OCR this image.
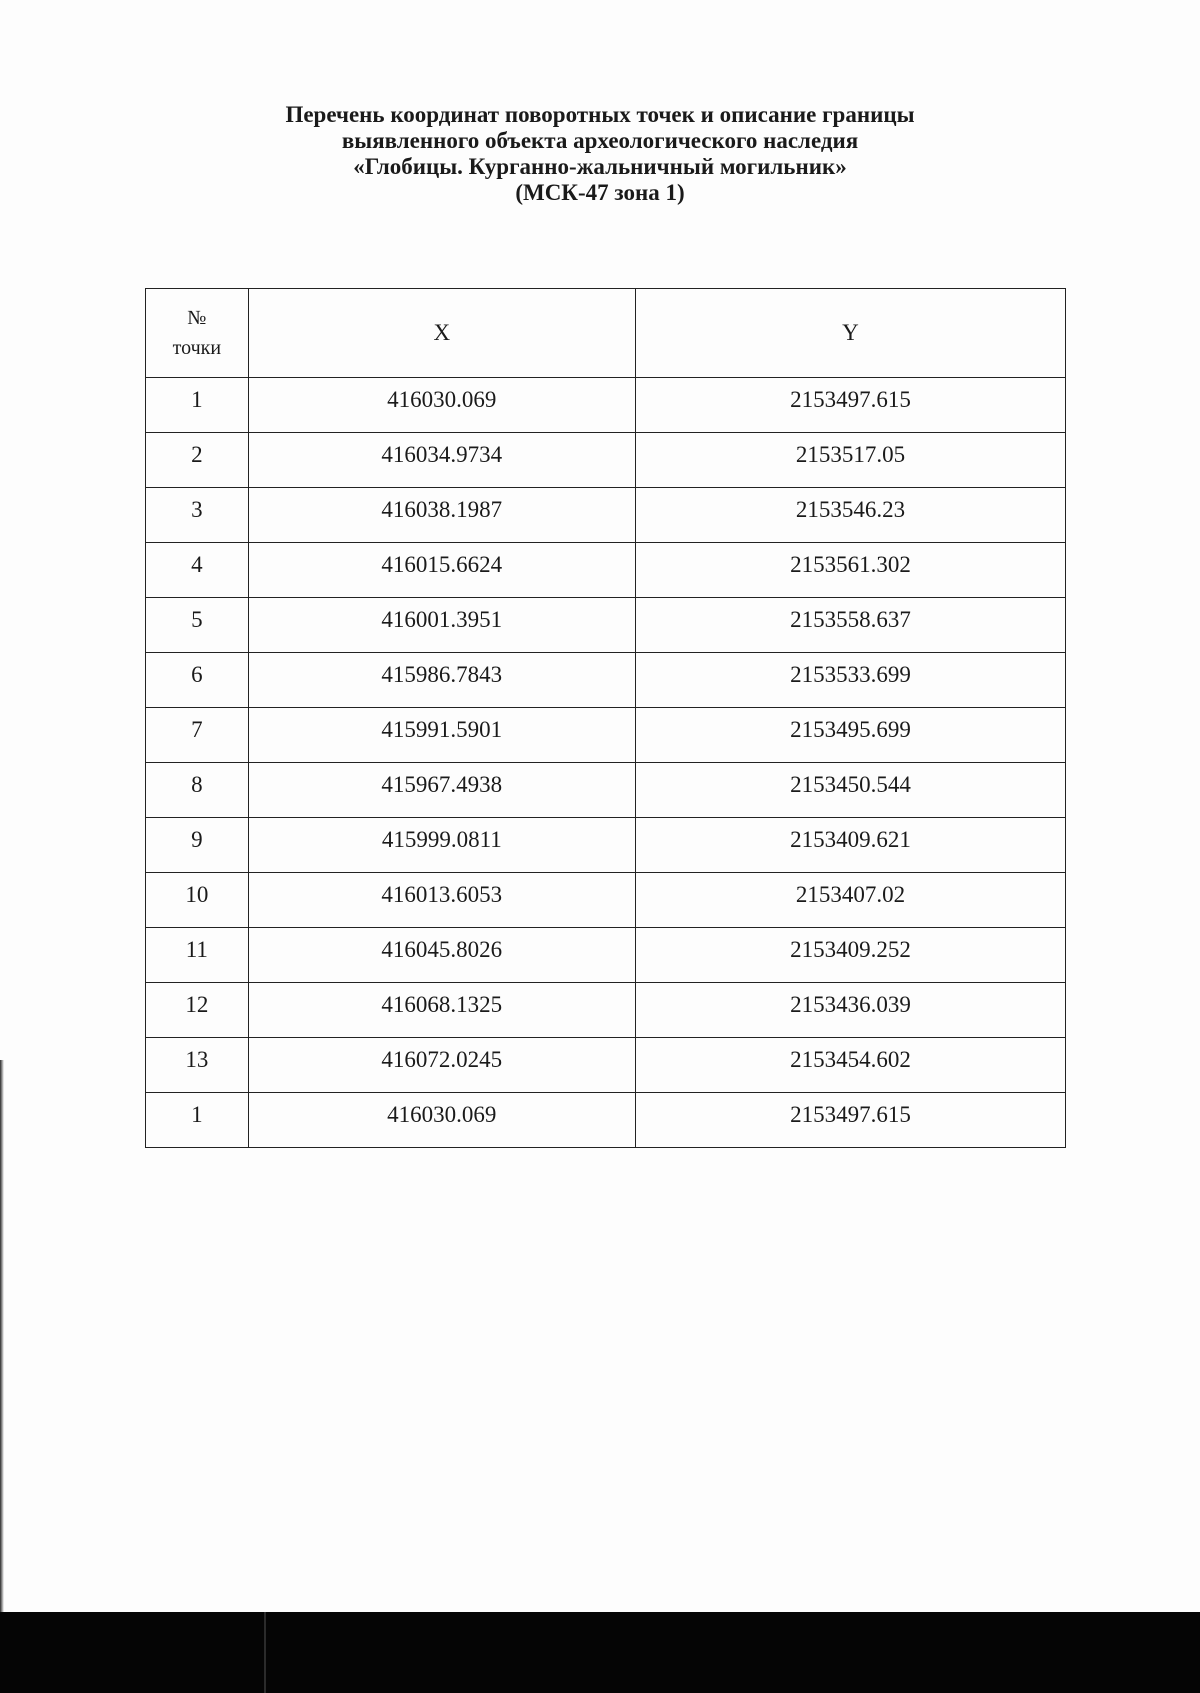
Перечень координат поворотных точек и описание границы
выявленного объекта археологического наследия
«Глобицы. Курганно-жальничный могильник»
(МСК-47 зона 1)
№
точки	X	Y
1	416030.069	2153497.615
2	416034.9734	2153517.05
3	416038.1987	2153546.23
4	416015.6624	2153561.302
5	416001.3951	2153558.637
6	415986.7843	2153533.699
7	415991.5901	2153495.699
8	415967.4938	2153450.544
9	415999.0811	2153409.621
10	416013.6053	2153407.02
11	416045.8026	2153409.252
12	416068.1325	2153436.039
13	416072.0245	2153454.602
1	416030.069	2153497.615
